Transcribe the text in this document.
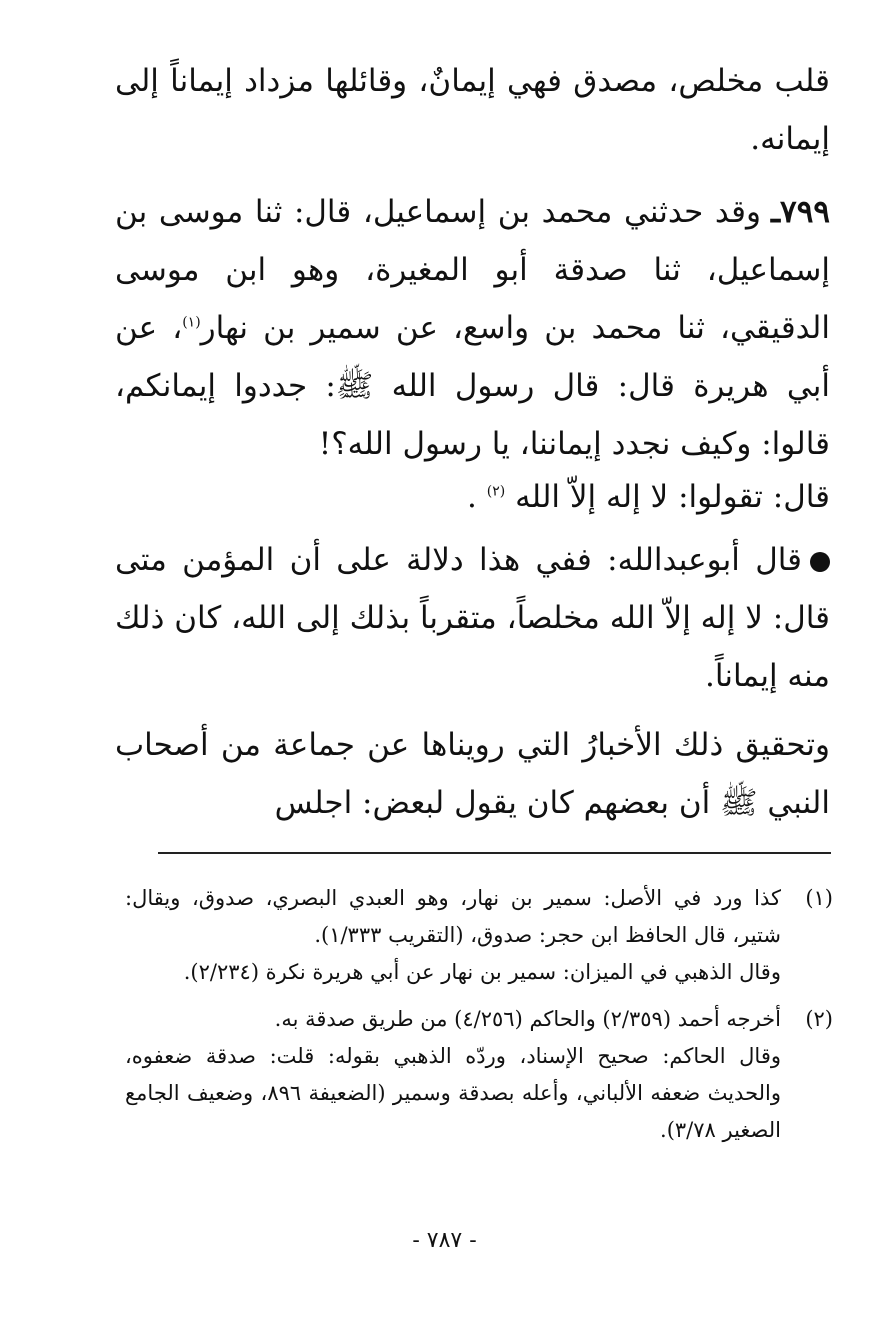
قلب مخلص، مصدق فهي إيمانٌ، وقائلها مزداد إيماناً إلى إيمانه.
٧٩٩ـوقد حدثني محمد بن إسماعيل، قال: ثنا موسى بن إسماعيل، ثنا صدقة أبو المغيرة، وهو ابن موسى الدقيقي، ثنا محمد بن واسع، عن سمير بن نهار$^{(١)}$، عن أبي هريرة قال: قال رسول الله ﷺ: جددوا إيمانكم، قالوا: وكيف نجدد إيماننا، يا رسول الله؟!
قال: تقولوا: لا إله إلاّ الله $^{(٢)}$ .
قال أبوعبدالله: ففي هذا دلالة على أن المؤمن متى قال: لا إله إلاّ الله مخلصاً، متقرباً بذلك إلى الله، كان ذلك منه إيماناً.
وتحقيق ذلك الأخبارُ التي رويناها عن جماعة من أصحاب النبي ﷺ أن بعضهم كان يقول لبعض: اجلس
(١)
كذا ورد في الأصل: سمير بن نهار، وهو العبدي البصري، صدوق، ويقال: شتير، قال الحافظ ابن حجر: صدوق، (التقريب ١/٣٣٣).
وقال الذهبي في الميزان: سمير بن نهار عن أبي هريرة نكرة (٢/٢٣٤).
(٢)
أخرجه أحمد (٢/٣٥٩) والحاكم (٤/٢٥٦) من طريق صدقة به.
وقال الحاكم: صحيح الإسناد، وردّه الذهبي بقوله: قلت: صدقة ضعفوه، والحديث ضعفه الألباني، وأعله بصدقة وسمير (الضعيفة ٨٩٦، وضعيف الجامع الصغير ٣/٧٨).
- ٧٨٧ -
